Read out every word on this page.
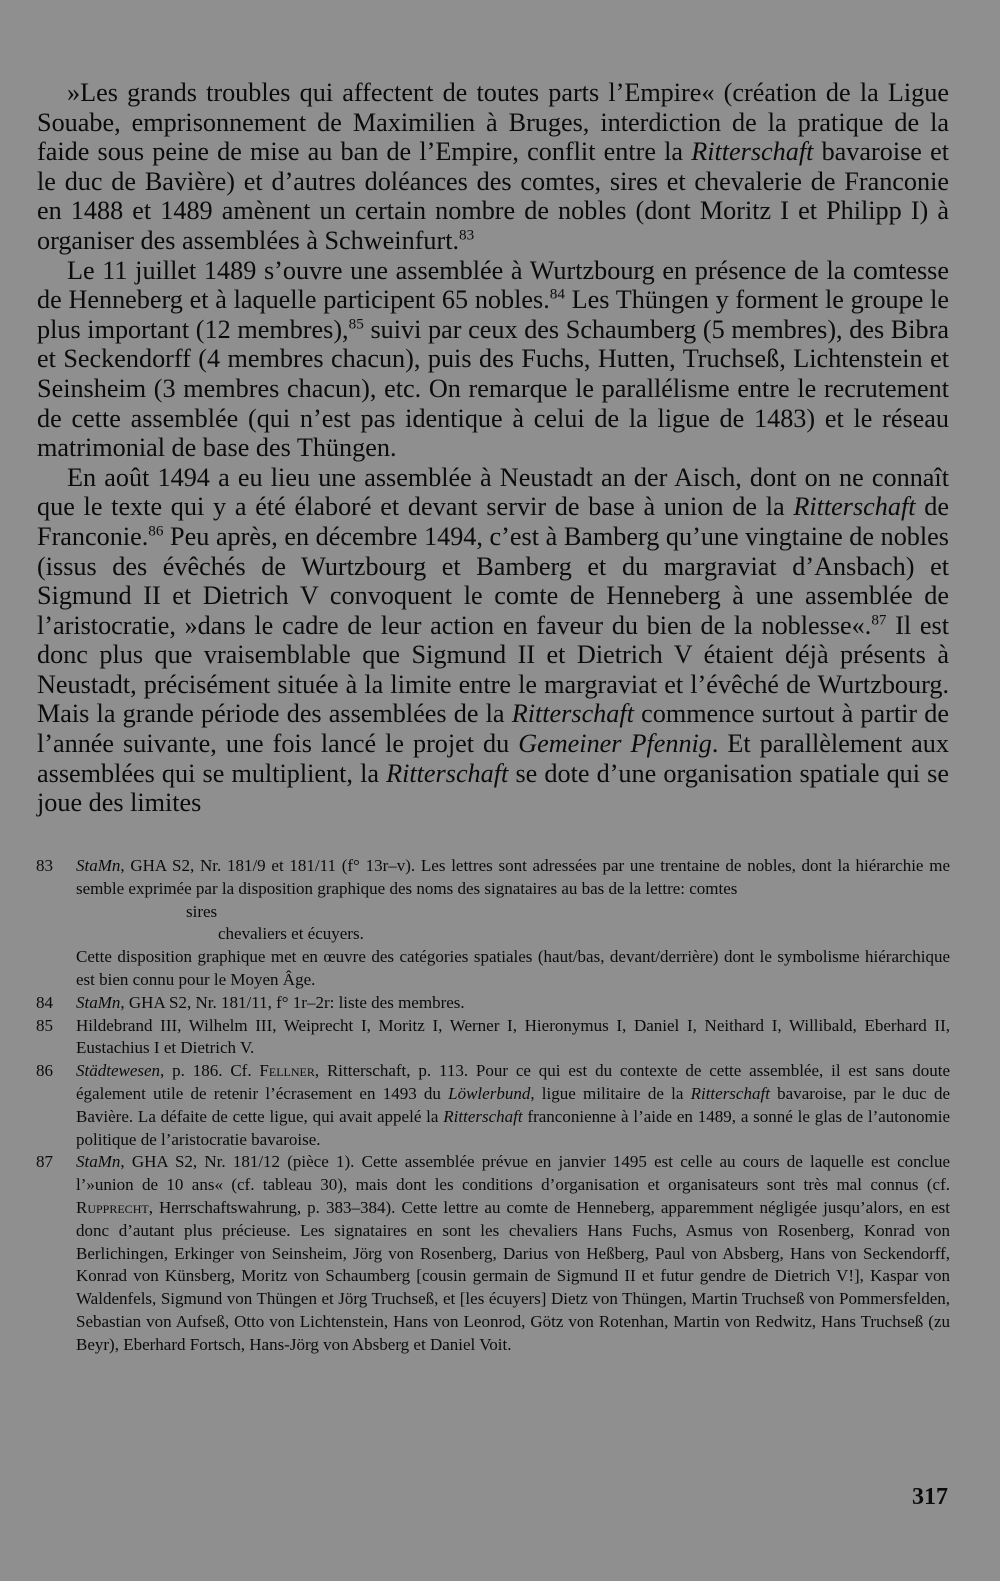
»Les grands troubles qui affectent de toutes parts l’Empire« (création de la Ligue Souabe, emprisonnement de Maximilien à Bruges, interdiction de la pratique de la faide sous peine de mise au ban de l’Empire, conflit entre la Ritterschaft bavaroise et le duc de Bavière) et d’autres doléances des comtes, sires et chevalerie de Franconie en 1488 et 1489 amènent un certain nombre de nobles (dont Moritz I et Philipp I) à organiser des assemblées à Schweinfurt.$^{83}$

Le 11 juillet 1489 s’ouvre une assemblée à Wurtzbourg en présence de la comtesse de Henneberg et à laquelle participent 65 nobles.$^{84}$ Les Thüngen y forment le groupe le plus important (12 membres),$^{85}$ suivi par ceux des Schaumberg (5 membres), des Bibra et Seckendorff (4 membres chacun), puis des Fuchs, Hutten, Truchseß, Lichtenstein et Seinsheim (3 membres chacun), etc. On remarque le parallélisme entre le recrutement de cette assemblée (qui n’est pas identique à celui de la ligue de 1483) et le réseau matrimonial de base des Thüngen.

En août 1494 a eu lieu une assemblée à Neustadt an der Aisch, dont on ne connaît que le texte qui y a été élaboré et devant servir de base à union de la Ritterschaft de Franconie.$^{86}$ Peu après, en décembre 1494, c’est à Bamberg qu’une vingtaine de nobles (issus des évêchés de Wurtzbourg et Bamberg et du margraviat d’Ansbach) et Sigmund II et Dietrich V convoquent le comte de Henneberg à une assemblée de l’aristocratie, »dans le cadre de leur action en faveur du bien de la noblesse«.$^{87}$ Il est donc plus que vraisemblable que Sigmund II et Dietrich V étaient déjà présents à Neustadt, précisément située à la limite entre le margraviat et l’évêché de Wurtzbourg. Mais la grande période des assemblées de la Ritterschaft commence surtout à partir de l’année suivante, une fois lancé le projet du Gemeiner Pfennig. Et parallèlement aux assemblées qui se multiplient, la Ritterschaft se dote d’une organisation spatiale qui se joue des limites

83	StaMn, GHA S2, Nr. 181/9 et 181/11 (f° 13r–v). Les lettres sont adressées par une trentaine de nobles, dont la hiérarchie me semble exprimée par la disposition graphique des noms des signataires au bas de la lettre: comtes

sires

chevaliers et écuyers.

Cette disposition graphique met en œuvre des catégories spatiales (haut/bas, devant/derrière) dont le symbolisme hiérarchique est bien connu pour le Moyen Âge.

84	StaMn, GHA S2, Nr. 181/11, f° 1r–2r: liste des membres.
85	Hildebrand III, Wilhelm III, Weiprecht I, Moritz I, Werner I, Hieronymus I, Daniel I, Neithard I, Willibald, Eberhard II, Eustachius I et Dietrich V.
86	Städtewesen, p. 186. Cf. Fellner, Ritterschaft, p. 113. Pour ce qui est du contexte de cette assemblée, il est sans doute également utile de retenir l’écrasement en 1493 du Löwlerbund, ligue militaire de la Ritterschaft bavaroise, par le duc de Bavière. La défaite de cette ligue, qui avait appelé la Ritterschaft franconienne à l’aide en 1489, a sonné le glas de l’autonomie politique de l’aristocratie bavaroise.
87	StaMn, GHA S2, Nr. 181/12 (pièce 1). Cette assemblée prévue en janvier 1495 est celle au cours de laquelle est conclue l’»union de 10 ans« (cf. tableau 30), mais dont les conditions d’organisation et organisateurs sont très mal connus (cf. Rupprecht, Herrschaftswahrung, p. 383–384). Cette lettre au comte de Henneberg, apparemment négligée jusqu’alors, en est donc d’autant plus précieuse. Les signataires en sont les chevaliers Hans Fuchs, Asmus von Rosenberg, Konrad von Berlichingen, Erkinger von Seinsheim, Jörg von Rosenberg, Darius von Heßberg, Paul von Absberg, Hans von Seckendorff, Konrad von Künsberg, Moritz von Schaumberg [cousin germain de Sigmund II et futur gendre de Dietrich V!], Kaspar von Waldenfels, Sigmund von Thüngen et Jörg Truchseß, et [les écuyers] Dietz von Thüngen, Martin Truchseß von Pommersfelden, Sebastian von Aufseß, Otto von Lichtenstein, Hans von Leonrod, Götz von Rotenhan, Martin von Redwitz, Hans Truchseß (zu Beyr), Eberhard Fortsch, Hans-Jörg von Absberg et Daniel Voit.
317
